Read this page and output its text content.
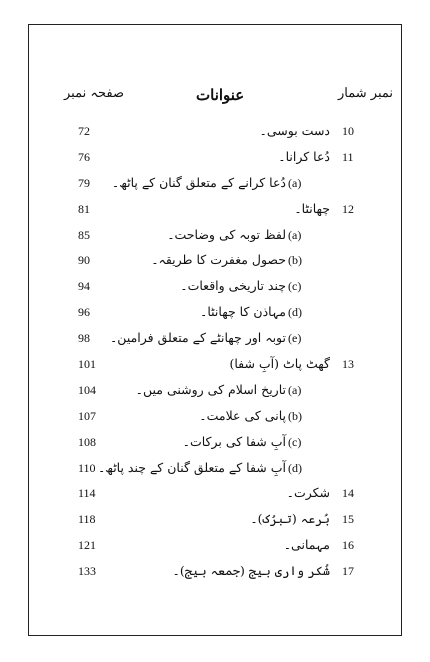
نمبر شمار
عنوانات
صفحہ نمبر
10
دست بوسی۔
72
11
دُعا کرانا۔
76
(a)
دُعا کرانے کے متعلق گنان کے پاٹھ۔
79
12
چھانٹا۔
81
(a)
لفظ توبہ کی وضاحت۔
85
(b)
حصول مغفرت کا طریقہ۔
90
(c)
چند تاریخی واقعات۔
94
(d)
مہاذن کا چھانٹا۔
96
(e)
توبہ اور چھانٹے کے متعلق فرامین۔
98
13
گھٹ پاٹ (آبِ شفا)
101
(a)
تاریخ اسلام کی روشنی میں۔
104
(b)
پانی کی علامت۔
107
(c)
آبِ شفا کی برکات۔
108
(d)
آبِ شفا کے متعلق گنان کے چند پاٹھ۔
110
14
شکرت۔
114
15
بُرعہ (تبرُک)۔
118
16
مہمانی۔
121
17
شُکر واری بیج (جمعہ بیج)۔
133
